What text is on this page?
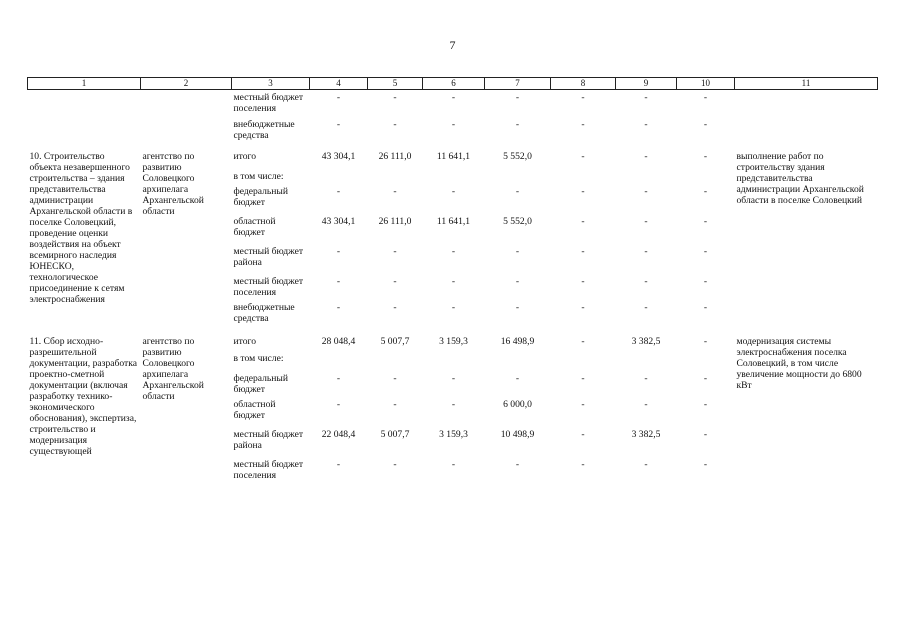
7
1	2	3	4	5	6	7	8	9	10	11
		местный бюджет поселения	-	-	-	-	-	-	-	
		внебюджетные средства	-	-	-	-	-	-	-	

10. Строительство объекта незавершенного строительства – здания представительства администрации Архангельской области в поселке Соловецкий, проведение оценки воздействия на объект всемирного наследия ЮНЕСКО, технологическое присоединение к сетям электроснабжения	агентство по развитию Соловецкого архипелага Архангельской области	итого	43 304,1	26 111,0	11 641,1	5 552,0	-	-	-	выполнение работ по строительству здания представительства администрации Архангельской области в поселке Соловецкий
		в том числе:								
		федеральный бюджет	-	-	-	-	-	-	-	
		областной бюджет	43 304,1	26 111,0	11 641,1	5 552,0	-	-	-	
		местный бюджет района	-	-	-	-	-	-	-	
		местный бюджет поселения	-	-	-	-	-	-	-	
		внебюджетные средства	-	-	-	-	-	-	-	

11. Сбор исходно-разрешительной документации, разработка проектно-сметной документации (включая разработку технико-экономического обоснования), экспертиза, строительство и модернизация существующей	агентство по развитию Соловецкого архипелага Архангельской области	итого	28 048,4	5 007,7	3 159,3	16 498,9	-	3 382,5	-	модернизация системы электроснабжения поселка Соловецкий, в том числе увеличение мощности до 6800 кВт
		в том числе:								
		федеральный бюджет	-	-	-	-	-	-	-	
		областной бюджет	-	-	-	6 000,0	-	-	-	
		местный бюджет района	22 048,4	5 007,7	3 159,3	10 498,9	-	3 382,5	-	
		местный бюджет поселения	-	-	-	-	-	-	-	
